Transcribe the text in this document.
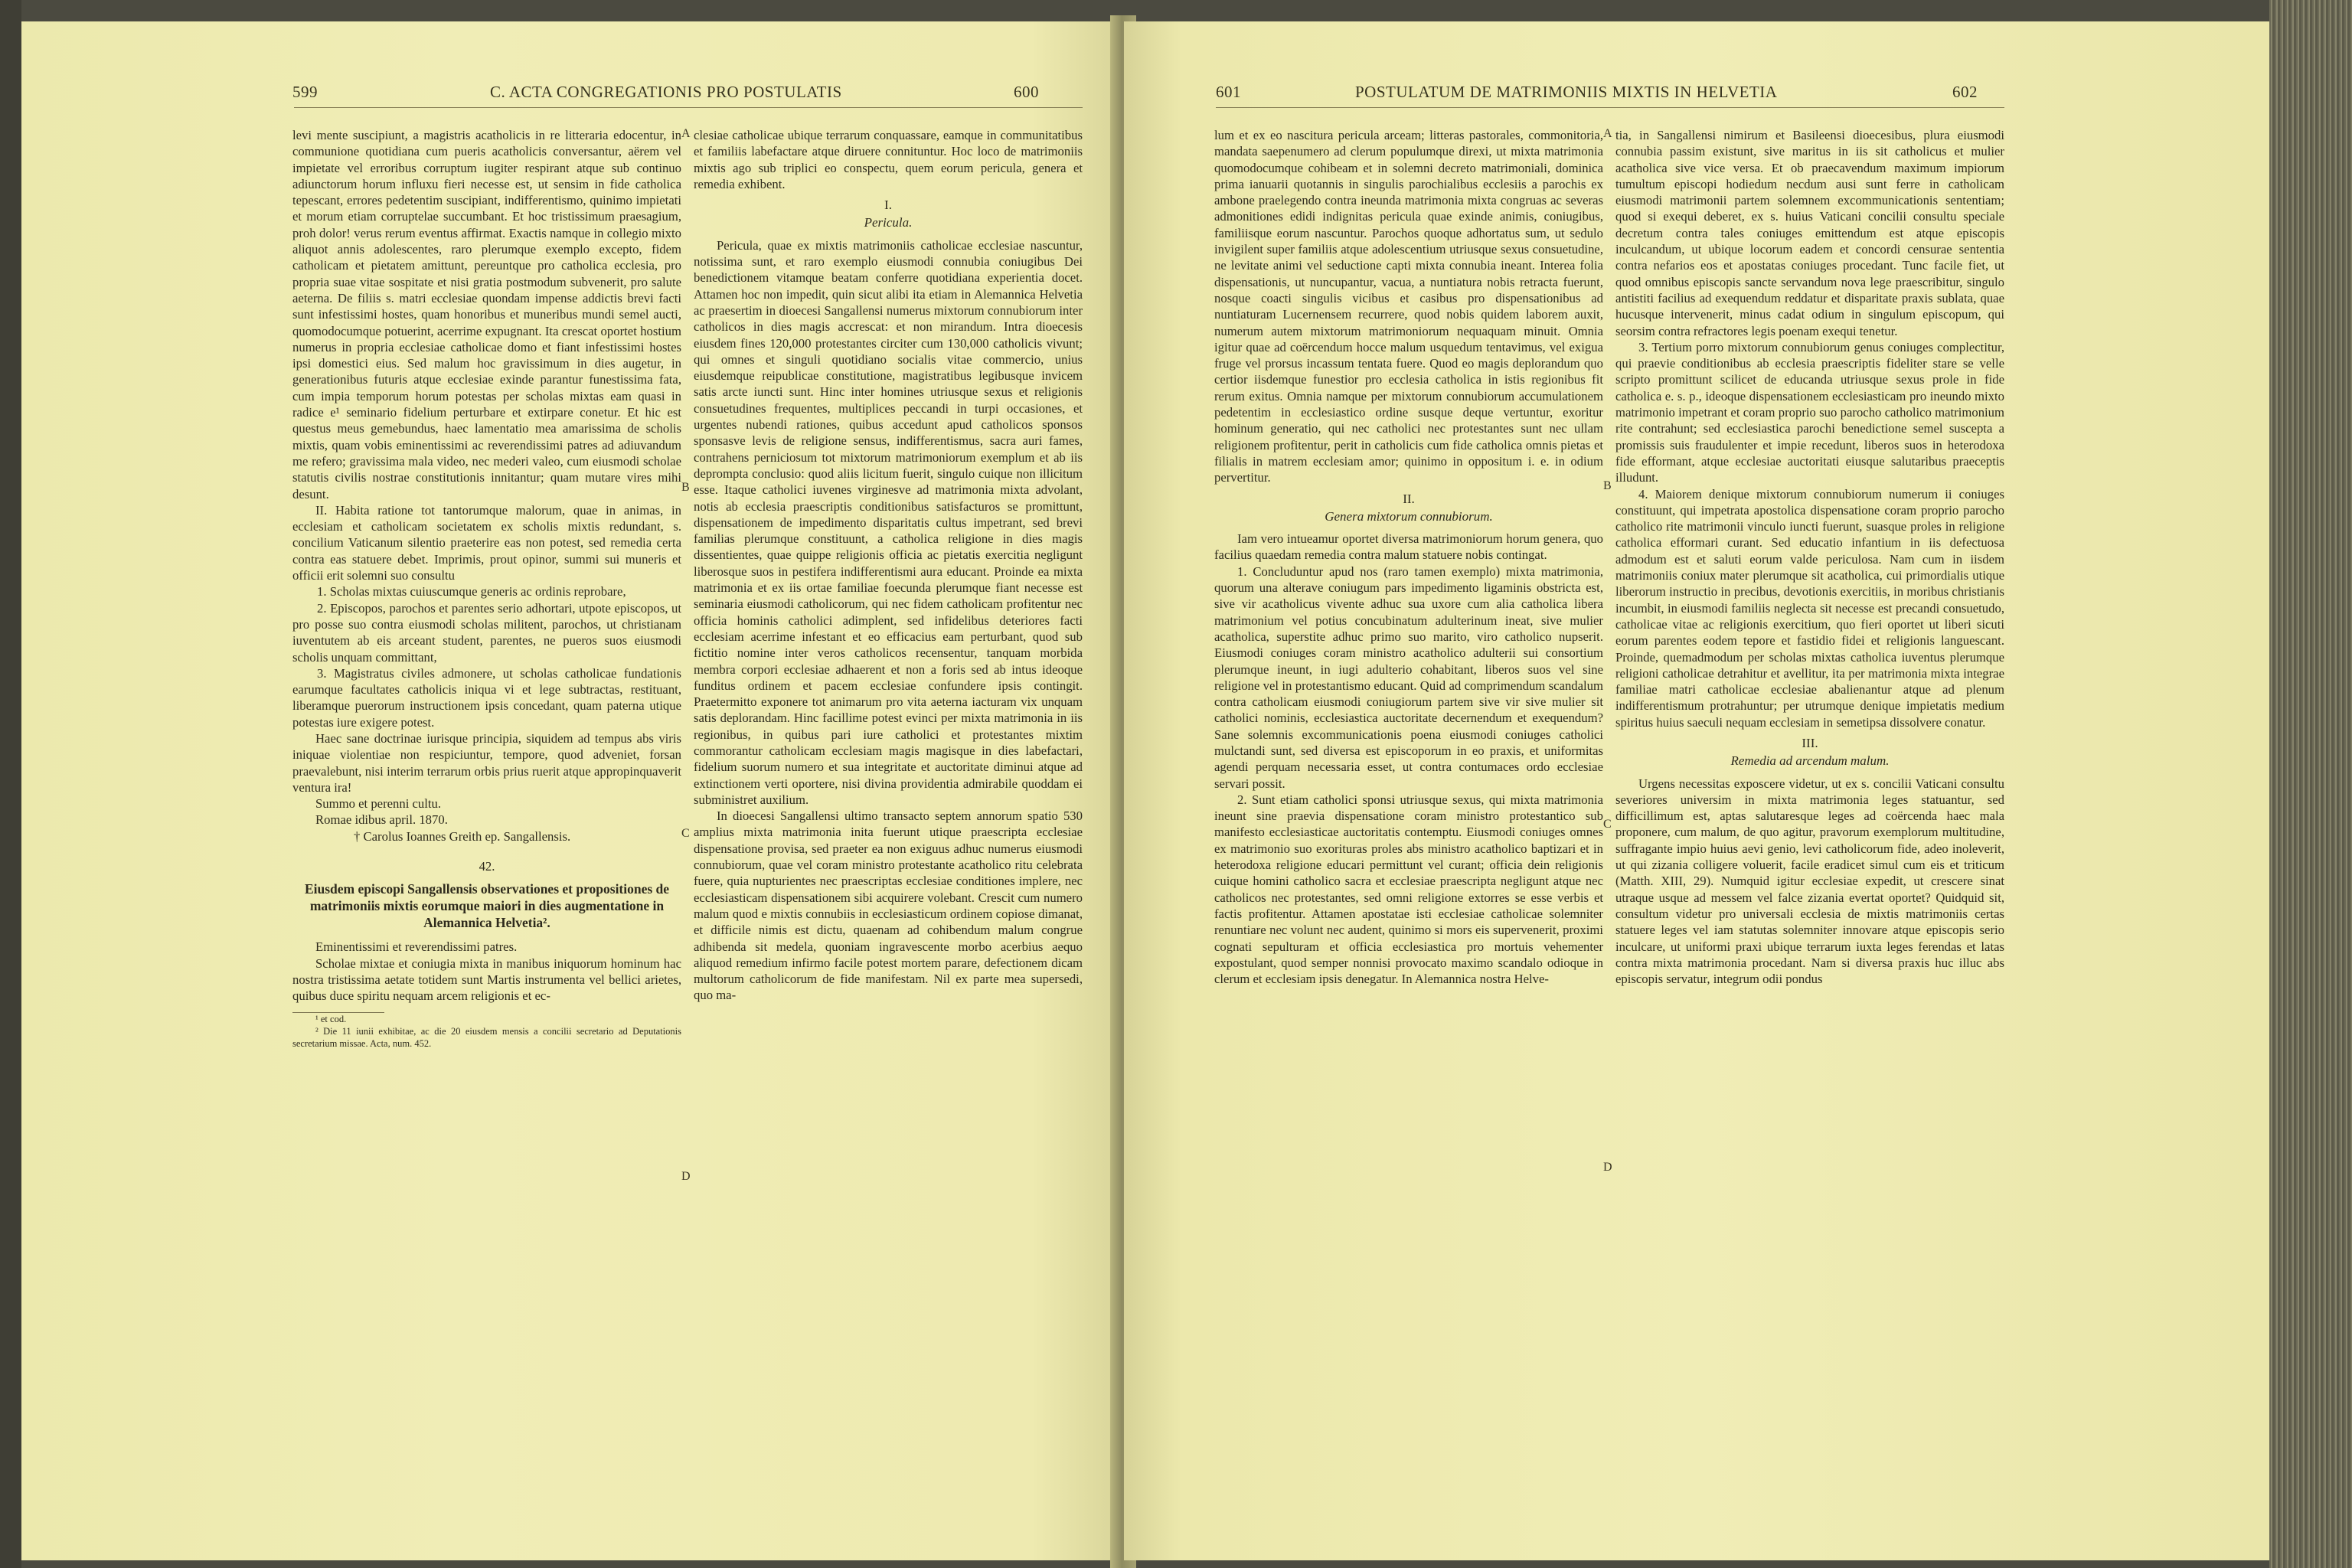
599	C. ACTA CONGREGATIONIS PRO POSTULATIS	600

levi mente suscipiunt, a magistris acatholicis in re litteraria edocentur, in communione quotidiana cum pueris acatholicis conversantur, aërem vel impietate vel erroribus corruptum iugiter respirant atque sub continuo adiunctorum horum influxu fieri necesse est, ut sensim in fide catholica tepescant, errores pedetentim suscipiant, indifferentismo, quinimo impietati et morum etiam corruptelae succumbant. Et hoc tristissimum praesagium, proh dolor! verus rerum eventus affirmat. Exactis namque in collegio mixto aliquot annis adolescentes, raro plerumque exemplo excepto, fidem catholicam et pietatem amittunt, pereuntque pro catholica ecclesia, pro propria suae vitae sospitate et nisi gratia postmodum subvenerit, pro salute aeterna. De filiis s. matri ecclesiae quondam impense addictis brevi facti sunt infestissimi hostes, quam honoribus et muneribus mundi semel aucti, quomodocumque potuerint, acerrime expugnant. Ita crescat oportet hostium numerus in propria ecclesiae catholicae domo et fiant infestissimi hostes ipsi domestici eius. Sed malum hoc gravissimum in dies augetur, in generationibus futuris atque ecclesiae exinde parantur funestissima fata, cum impia temporum horum potestas per scholas mixtas eam quasi in radice e¹ seminario fidelium perturbare et extirpare conetur. Et hic est questus meus gemebundus, haec lamentatio mea amarissima de scholis mixtis, quam vobis eminentissimi ac reverendissimi patres ad adiuvandum me refero; gravissima mala video, nec mederi valeo, cum eiusmodi scholae statutis civilis nostrae constitutionis innitantur; quam mutare vires mihi desunt.

II. Habita ratione tot tantorumque malorum, quae in animas, in ecclesiam et catholicam societatem ex scholis mixtis redundant, s. concilium Vaticanum silentio praeterire eas non potest, sed remedia certa contra eas statuere debet. Imprimis, prout opinor, summi sui muneris et officii erit solemni suo consultu

1. Scholas mixtas cuiuscumque generis ac ordinis reprobare,

2. Episcopos, parochos et parentes serio adhortari, utpote episcopos, ut pro posse suo contra eiusmodi scholas militent, parochos, ut christianam iuventutem ab eis arceant student, parentes, ne pueros suos eiusmodi scholis unquam committant,

3. Magistratus civiles admonere, ut scholas catholicae fundationis earumque facultates catholicis iniqua vi et lege subtractas, restituant, liberamque puerorum instructionem ipsis concedant, quam paterna utique potestas iure exigere potest.

Haec sane doctrinae iurisque principia, siquidem ad tempus abs viris iniquae violentiae non respiciuntur, tempore, quod adveniet, forsan praevalebunt, nisi interim terrarum orbis prius ruerit atque appropinquaverit ventura ira!

Summo et perenni cultu.

Romae idibus april. 1870.

† Carolus Ioannes Greith ep. Sangallensis.

42.
Eiusdem episcopi Sangallensis observationes et propositiones de matrimoniis mixtis eorumque maiori in dies augmentatione in Alemannica Helvetia².

Eminentissimi et reverendissimi patres.

Scholae mixtae et coniugia mixta in manibus iniquorum hominum hac nostra tristissima aetate totidem sunt Martis instrumenta vel bellici arietes, quibus duce spiritu nequam arcem religionis et ec-

¹ et cod.

² Die 11 iunii exhibitae, ac die 20 eiusdem mensis a concilii secretario ad Deputationis secretarium missae. Acta, num. 452.

clesiae catholicae ubique terrarum conquassare, eamque in communitatibus et familiis labefactare atque diruere connituntur. Hoc loco de matrimoniis mixtis ago sub triplici eo conspectu, quem eorum pericula, genera et remedia exhibent.

I.
Pericula.

Pericula, quae ex mixtis matrimoniis catholicae ecclesiae nascuntur, notissima sunt, et raro exemplo eiusmodi connubia coniugibus Dei benedictionem vitamque beatam conferre quotidiana experientia docet. Attamen hoc non impedit, quin sicut alibi ita etiam in Alemannica Helvetia ac praesertim in dioecesi Sangallensi numerus mixtorum connubiorum inter catholicos in dies magis accrescat: et non mirandum. Intra dioecesis eiusdem fines 120,000 protestantes circiter cum 130,000 catholicis vivunt; qui omnes et singuli quotidiano socialis vitae commercio, unius eiusdemque reipublicae constitutione, magistratibus legibusque invicem satis arcte iuncti sunt. Hinc inter homines utriusque sexus et religionis consuetudines frequentes, multiplices peccandi in turpi occasiones, et urgentes nubendi rationes, quibus accedunt apud catholicos sponsos sponsasve levis de religione sensus, indifferentismus, sacra auri fames, contrahens perniciosum tot mixtorum matrimoniorum exemplum et ab iis depromptа conclusio: quod aliis licitum fuerit, singulo cuique non illicitum esse. Itaque catholici iuvenes virginesve ad matrimonia mixta advolant, notis ab ecclesia praescriptis conditionibus satisfacturos se promittunt, dispensationem de impedimento disparitatis cultus impetrant, sed brevi familias plerumque constituunt, a catholica religione in dies magis dissentientes, quae quippe religionis officia ac pietatis exercitia negligunt liberosque suos in pestifera indifferentismi aura educant. Proinde ea mixta matrimonia et ex iis ortae familiae foecunda plerumque fiant necesse est seminaria eiusmodi catholicorum, qui nec fidem catholicam profitentur nec officia hominis catholici adimplent, sed infidelibus deteriores facti ecclesiam acerrime infestant et eo efficacius eam perturbant, quod sub fictitio nomine inter veros catholicos recensentur, tanquam morbida membra corpori ecclesiae adhaerent et non a foris sed ab intus ideoque funditus ordinem et pacem ecclesiae confundere ipsis contingit. Praetermitto exponere tot animarum pro vita aeterna iacturam vix unquam satis deplorandam. Hinc facillime potest evinci per mixta matrimonia in iis regionibus, in quibus pari iure catholici et protestantes mixtim commorantur catholicam ecclesiam magis magisque in dies labefactari, fidelium suorum numero et sua integritate et auctoritate diminui atque ad extinctionem verti oportere, nisi divina providentia admirabile quoddam ei subministret auxilium.

In dioecesi Sangallensi ultimo transacto septem annorum spatio 530 amplius mixta matrimonia inita fuerunt utique praescripta ecclesiae dispensatione provisa, sed praeter ea non exiguus adhuc numerus eiusmodi connubiorum, quae vel coram ministro protestante acatholico ritu celebrata fuere, quia nupturientes nec praescriptas ecclesiae conditiones implere, nec ecclesiasticam dispensationem sibi acquirere volebant. Crescit cum numero malum quod e mixtis connubiis in ecclesiasticum ordinem copiose dimanat, et difficile nimis est dictu, quaenam ad cohibendum malum congrue adhibenda sit medela, quoniam ingravescente morbo acerbius aequo aliquod remedium infirmo facile potest mortem parare, defectionem dicam multorum catholicorum de fide manifestam. Nil ex parte mea supersedi, quo ma-

A
B
C
D
601	POSTULATUM DE MATRIMONIIS MIXTIS IN HELVETIA	602

lum et ex eo nascitura pericula arceam; litteras pastorales, commonitoria, mandata saepenumero ad clerum populumque direxi, ut mixta matrimonia quomodocumque cohibeam et in solemni decreto matrimoniali, dominica prima ianuarii quotannis in singulis parochialibus ecclesiis a parochis ex ambone praelegendo contra ineunda matrimonia mixta congruas ac severas admonitiones edidi indignitas pericula quae exinde animis, coniugibus, familiisque eorum nascuntur. Parochos quoque adhortatus sum, ut sedulo invigilent super familiis atque adolescentium utriusque sexus consuetudine, ne levitate animi vel seductione capti mixta connubia ineant. Interea folia dispensationis, ut nuncupantur, vacua, a nuntiatura nobis retracta fuerunt, nosque coacti singulis vicibus et casibus pro dispensationibus ad nuntiaturam Lucernensem recurrere, quod nobis quidem laborem auxit, numerum autem mixtorum matrimoniorum nequaquam minuit. Omnia igitur quae ad coërcendum hocce malum usquedum tentavimus, vel exigua fruge vel prorsus incassum tentata fuere. Quod eo magis deplorandum quo certior iisdemque funestior pro ecclesia catholica in istis regionibus fit rerum exitus. Omnia namque per mixtorum connubiorum accumulationem pedetentim in ecclesiastico ordine susque deque vertuntur, exoritur hominum generatio, qui nec catholici nec protestantes sunt nec ullam religionem profitentur, perit in catholicis cum fide catholica omnis pietas et filialis in matrem ecclesiam amor; quinimo in oppositum i. e. in odium pervertitur.

II.
Genera mixtorum connubiorum.

Iam vero intueamur oportet diversa matrimoniorum horum genera, quo facilius quaedam remedia contra malum statuere nobis contingat.

1. Concluduntur apud nos (raro tamen exemplo) mixta matrimonia, quorum una alterave coniugum pars impedimento ligaminis obstricta est, sive vir acatholicus vivente adhuc sua uxore cum alia catholica libera matrimonium vel potius concubinatum adulterinum ineat, sive mulier acatholica, superstite adhuc primo suo marito, viro catholico nupserit. Eiusmodi coniuges coram ministro acatholico adulterii sui consortium plerumque ineunt, in iugi adulterio cohabitant, liberos suos vel sine religione vel in protestantismo educant. Quid ad comprimendum scandalum contra catholicam eiusmodi coniugiorum partem sive vir sive mulier sit catholici nominis, ecclesiastica auctoritate decernendum et exequendum? Sane solemnis excommunicationis poena eiusmodi coniuges catholici mulctandi sunt, sed diversa est episcoporum in eo praxis, et uniformitas agendi perquam necessaria esset, ut contra contumaces ordo ecclesiae servari possit.

2. Sunt etiam catholici sponsi utriusque sexus, qui mixta matrimonia ineunt sine praevia dispensatione coram ministro protestantico sub manifesto ecclesiasticae auctoritatis contemptu. Eiusmodi coniuges omnes ex matrimonio suo exorituras proles abs ministro acatholico baptizari et in heterodoxa religione educari permittunt vel curant; officia dein religionis cuique homini catholico sacra et ecclesiae praescripta negligunt atque nec catholicos nec protestantes, sed omni religione extorres se esse verbis et factis profitentur. Attamen apostatae isti ecclesiae catholicae solemniter renuntiare nec volunt nec audent, quinimo si mors eis supervenerit, proximi cognati sepulturam et officia ecclesiastica pro mortuis vehementer expostulant, quod semper nonnisi provocato maximo scandalo odioque in clerum et ecclesiam ipsis denegatur. In Alemannica nostra Helve-

tia, in Sangallensi nimirum et Basileensi dioecesibus, plura eiusmodi connubia passim existunt, sive maritus in iis sit catholicus et mulier acatholica sive vice versa. Et ob praecavendum maximum impiorum tumultum episcopi hodiedum necdum ausi sunt ferre in catholicam eiusmodi matrimonii partem solemnem excommunicationis sententiam; quod si exequi deberet, ex s. huius Vaticani concilii consultu speciale decretum contra tales coniuges emittendum est atque episcopis inculcandum, ut ubique locorum eadem et concordi censurae sententia contra nefarios eos et apostatas coniuges procedant. Tunc facile fiet, ut quod omnibus episcopis sancte servandum nova lege praescribitur, singulo antistiti facilius ad exequendum reddatur et disparitate praxis sublata, quae hucusque intervenerit, minus cadat odium in singulum episcopum, qui seorsim contra refractores legis poenam exequi tenetur.

3. Tertium porro mixtorum connubiorum genus coniuges complectitur, qui praevie conditionibus ab ecclesia praescriptis fideliter stare se velle scripto promittunt scilicet de educanda utriusque sexus prole in fide catholica e. s. p., ideoque dispensationem ecclesiasticam pro ineundo mixto matrimonio impetrant et coram proprio suo parocho catholico matrimonium rite contrahunt; sed ecclesiastica parochi benedictione semel suscepta a promissis suis fraudulenter et impie recedunt, liberos suos in heterodoxa fide efformant, atque ecclesiae auctoritati eiusque salutaribus praeceptis illudunt.

4. Maiorem denique mixtorum connubiorum numerum ii coniuges constituunt, qui impetrata apostolica dispensatione coram proprio parocho catholico rite matrimonii vinculo iuncti fuerunt, suasque proles in religione catholica efformari curant. Sed educatio infantium in iis defectuosa admodum est et saluti eorum valde periculosa. Nam cum in iisdem matrimoniis coniux mater plerumque sit acatholica, cui primordialis utique liberorum instructio in precibus, devotionis exercitiis, in moribus christianis incumbit, in eiusmodi familiis neglecta sit necesse est precandi consuetudo, catholicae vitae ac religionis exercitium, quo fieri oportet ut liberi sicuti eorum parentes eodem tepore et fastidio fidei et religionis languescant. Proinde, quemadmodum per scholas mixtas catholica iuventus plerumque religioni catholicae detrahitur et avellitur, ita per matrimonia mixta integrae familiae matri catholicae ecclesiae abalienantur atque ad plenum indifferentismum protrahuntur; per utrumque denique impietatis medium spiritus huius saeculi nequam ecclesiam in semetipsa dissolvere conatur.

III.
Remedia ad arcendum malum.

Urgens necessitas exposcere videtur, ut ex s. concilii Vaticani consultu severiores universim in mixta matrimonia leges statuantur, sed difficillimum est, aptas salutaresque leges ad coërcenda haec mala proponere, cum malum, de quo agitur, pravorum exemplorum multitudine, suffragante impio huius aevi genio, levi catholicorum fide, adeo inoleverit, ut qui zizania colligere voluerit, facile eradicet simul cum eis et triticum (Matth. XIII, 29). Numquid igitur ecclesiae expedit, ut crescere sinat utraque usque ad messem vel falce zizania evertat oportet? Quidquid sit, consultum videtur pro universali ecclesia de mixtis matrimoniis certas statuere leges vel iam statutas solemniter innovare atque episcopis serio inculcare, ut uniformi praxi ubique terrarum iuxta leges ferendas et latas contra mixta matrimonia procedant. Nam si diversa praxis huc illuc abs episcopis servatur, integrum odii pondus

A
B
C
D
